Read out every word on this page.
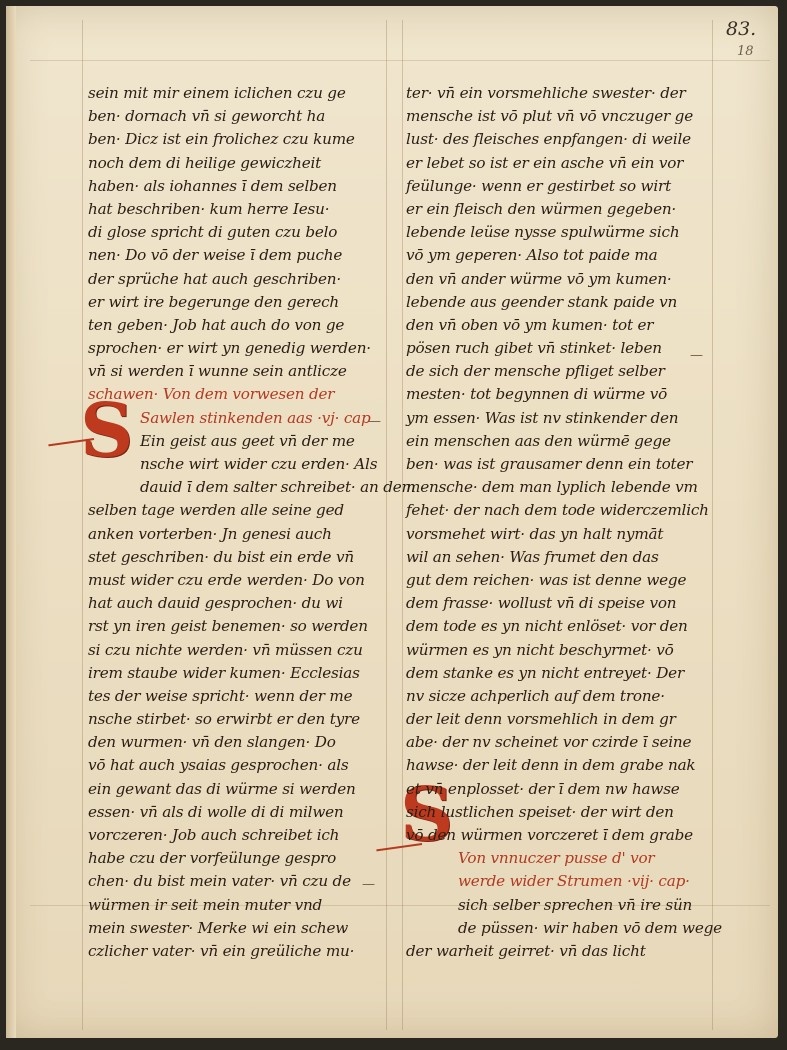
83.
18
S
S
sein mit mir einem iclichen czu ge
ben· dornach vn̄ si geworcht ha
ben· Dicz ist ein frolichez czu kume
noch dem di heilige gewiczheit
haben· als iohannes ī dem selben
hat beschriben· kum herre Iesu·
di glose spricht di guten czu belo
nen· Do vō der weise ī dem puche
der sprüche hat auch geschriben·
er wirt ire begerunge den gerech
ten geben· Job hat auch do von ge
sprochen· er wirt yn genedig werden·
vn̄ si werden ī wunne sein antlicze
schawen· Von dem vorwesen der
Sawlen stinkenden aas ·vj· cap
Ein geist aus geet vn̄ der me
nsche wirt wider czu erden· Als
dauid ī dem salter schreibet· an dem
selben tage werden alle seine ged
anken vorterben· Jn genesi auch
stet geschriben· du bist ein erde vn̄
must wider czu erde werden· Do von
hat auch dauid gesprochen· du wi
rst yn iren geist benemen· so werden
si czu nichte werden· vn̄ müssen czu
irem staube wider kumen· Ecclesias
tes der weise spricht· wenn der me
nsche stirbet· so erwirbt er den tyre
den wurmen· vn̄ den slangen· Do
vō hat auch ysaias gesprochen· als
ein gewant das di würme si werden
essen· vn̄ als di wolle di di milwen
vorczeren· Job auch schreibet ich
habe czu der vorfeülunge gespro
chen· du bist mein vater· vn̄ czu de
würmen ir seit mein muter vnd
mein swester· Merke wi ein schew
czlicher vater· vn̄ ein greüliche mu·
ter· vn̄ ein vorsmehliche swester· der
mensche ist vō plut vn̄ vō vnczuger ge
lust· des fleisches enpfangen· di weile
er lebet so ist er ein asche vn̄ ein vor
feülunge· wenn er gestirbet so wirt
er ein fleisch den würmen gegeben·
lebende leüse nysse spulwürme sich
vō ym geperen· Also tot paide ma
den vn̄ ander würme vō ym kumen·
lebende aus geender stank paide vn
den vn̄ oben vō ym kumen· tot er
pösen ruch gibet vn̄ stinket· leben
de sich der mensche pfliget selber
mesten· tot begynnen di würme vō
ym essen· Was ist nv stinkender den
ein menschen aas den würmē gege
ben· was ist grausamer denn ein toter
mensche· dem man lyplich lebende vm
fehet· der nach dem tode widerczemlich
vorsmehet wirt· das yn halt nymāt
wil an sehen· Was frumet den das
gut dem reichen· was ist denne wege
dem frasse· wollust vn̄ di speise von
dem tode es yn nicht enlöset· vor den
würmen es yn nicht beschyrmet· vō
dem stanke es yn nicht entreyet· Der
nv sicze achperlich auf dem trone·
der leit denn vorsmehlich in dem gr
abe· der nv scheinet vor czirde ī seine
hawse· der leit denn in dem grabe nak
et vn̄ enplosset· der ī dem nw hawse
sich lustlichen speiset· der wirt den
vō den würmen vorczeret ī dem grabe
Von vnnuczer pusse d' vor
werde wider Strumen ·vij· cap·
sich selber sprechen vn̄ ire sün
de püssen· wir haben vō dem wege
der warheit geirret· vn̄ das licht
—
—
—
